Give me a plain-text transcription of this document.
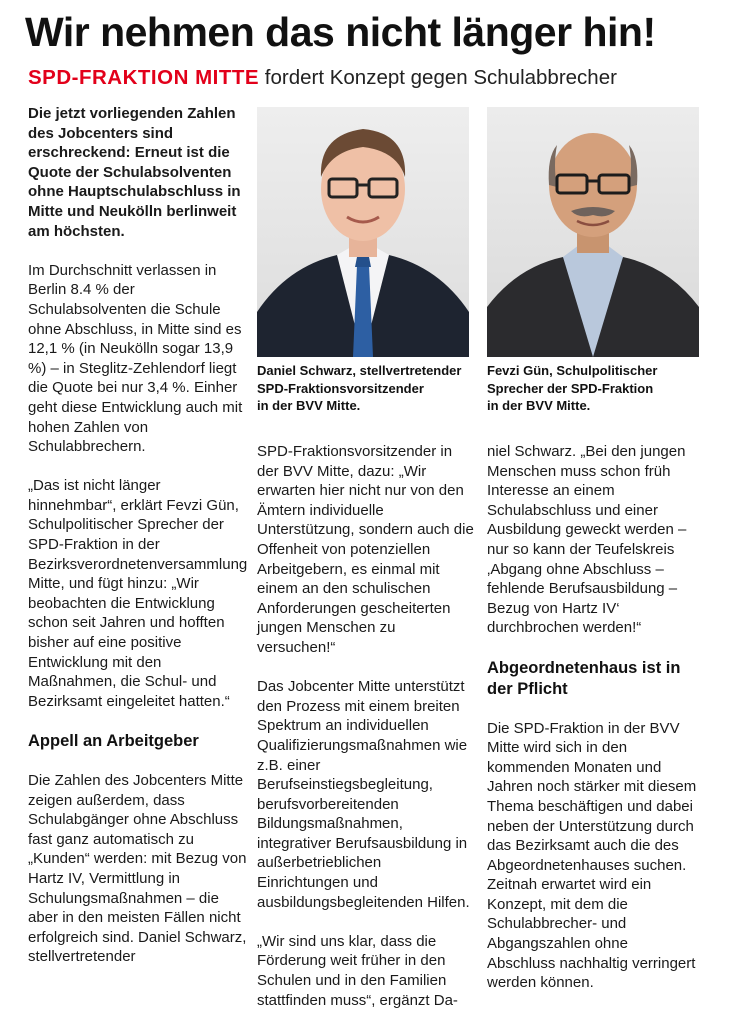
Wir nehmen das nicht länger hin!
SPD-FRAKTION MITTE fordert Konzept gegen Schulabbrecher

Die jetzt vorliegenden Zahlen des Jobcenters sind erschreckend: Erneut ist die Quote der Schulabsolventen ohne Hauptschulabschluss in Mitte und Neukölln berlinweit am höchsten.

Im Durchschnitt verlassen in Berlin 8.4 % der Schulabsolventen die Schule ohne Abschluss, in Mitte sind es 12,1 % (in Neukölln sogar 13,9 %) – in Steglitz-Zehlendorf liegt die Quote bei nur 3,4 %. Einher geht diese Entwicklung auch mit hohen Zahlen von Schulabbrechern.

„Das ist nicht länger hinnehmbar“, erklärt Fevzi Gün, Schulpolitischer Sprecher der SPD-Fraktion in der Bezirksverordnetenversammlung Mitte, und fügt hinzu: „Wir beobachten die Entwicklung schon seit Jahren und hofften bisher auf eine positive Entwicklung mit den Maßnahmen, die Schul- und Bezirksamt eingeleitet hatten.“

Appell an Arbeitgeber

Die Zahlen des Jobcenters Mitte zeigen außerdem, dass Schulabgänger ohne Abschluss fast ganz automatisch zu „Kunden“ werden: mit Bezug von Hartz IV, Vermittlung in Schulungsmaßnahmen – die aber in den meisten Fällen nicht erfolgreich sind. Daniel Schwarz, stellvertretender

Daniel Schwarz, stellvertretender
SPD-Fraktionsvorsitzender
in der BVV Mitte.
Fevzi Gün, Schulpolitischer
Sprecher der SPD-Fraktion
in der BVV Mitte.

SPD-Fraktionsvorsitzender in der BVV Mitte, dazu: „Wir erwarten hier nicht nur von den Ämtern individuelle Unterstützung, sondern auch die Offenheit von potenziellen Arbeitgebern, es einmal mit einem an den schulischen Anforderungen gescheiterten jungen Menschen zu versuchen!“

Das Jobcenter Mitte unterstützt den Prozess mit einem breiten Spektrum an individuellen Qualifizierungsmaßnahmen wie z.B. einer Berufseinstiegsbegleitung, berufsvorbereitenden Bildungsmaßnahmen, integrativer Berufsausbildung in außerbetrieblichen Einrichtungen und ausbildungsbegleitenden Hilfen.

„Wir sind uns klar, dass die Förderung weit früher in den Schulen und in den Familien stattfinden muss“, ergänzt Da-

niel Schwarz. „Bei den jungen Menschen muss schon früh Interesse an einem Schulabschluss und einer Ausbildung geweckt werden – nur so kann der Teufelskreis ‚Abgang ohne Abschluss – fehlende Berufsausbildung – Bezug von Hartz IV‘ durchbrochen werden!“

Abgeordnetenhaus ist in der Pflicht

Die SPD-Fraktion in der BVV Mitte wird sich in den kommenden Monaten und Jahren noch stärker mit diesem Thema beschäftigen und dabei neben der Unterstützung durch das Bezirksamt auch die des Abgeordnetenhauses suchen. Zeitnah erwartet wird ein Konzept, mit dem die Schulabbrecher- und Abgangszahlen ohne Abschluss nachhaltig verringert werden können.
